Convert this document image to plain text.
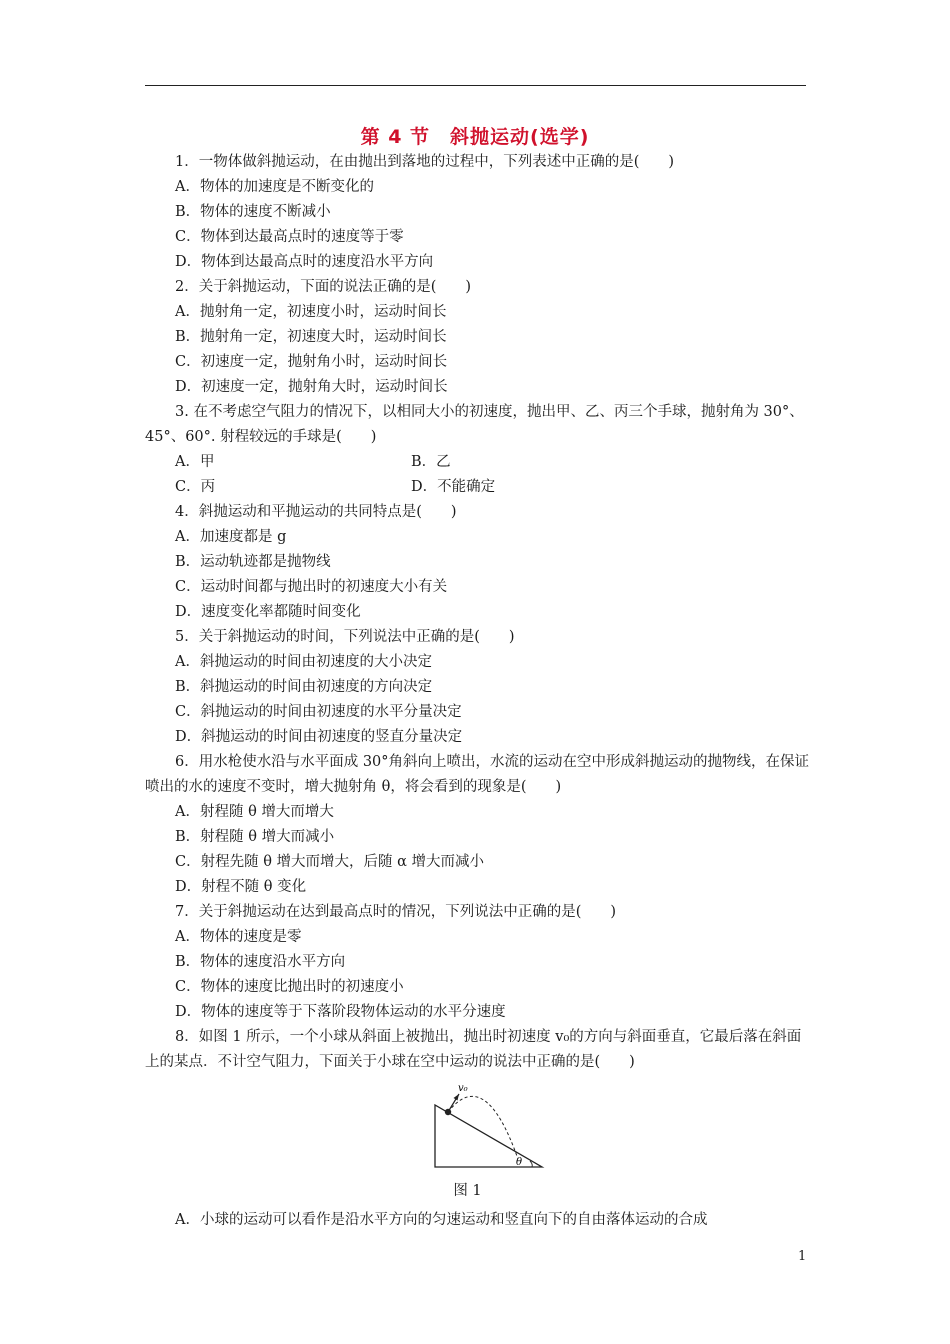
第 4 节　斜抛运动(选学)
1．一物体做斜抛运动，在由抛出到落地的过程中，下列表述中正确的是(　　)
A．物体的加速度是不断变化的
B．物体的速度不断减小
C．物体到达最高点时的速度等于零
D．物体到达最高点时的速度沿水平方向
2．关于斜抛运动，下面的说法正确的是(　　)
A．抛射角一定，初速度小时，运动时间长
B．抛射角一定，初速度大时，运动时间长
C．初速度一定，抛射角小时，运动时间长
D．初速度一定，抛射角大时，运动时间长
3. 在不考虑空气阻力的情况下，以相同大小的初速度，抛出甲、乙、丙三个手球，抛射角为 30°、45°、60°. 射程较远的手球是(　　)
A．甲	B．乙
C．丙	D．不能确定
4．斜抛运动和平抛运动的共同特点是(　　)
A．加速度都是 g
B．运动轨迹都是抛物线
C．运动时间都与抛出时的初速度大小有关
D．速度变化率都随时间变化
5．关于斜抛运动的时间，下列说法中正确的是(　　)
A．斜抛运动的时间由初速度的大小决定
B．斜抛运动的时间由初速度的方向决定
C．斜抛运动的时间由初速度的水平分量决定
D．斜抛运动的时间由初速度的竖直分量决定
6．用水枪使水沿与水平面成 30°角斜向上喷出，水流的运动在空中形成斜抛运动的抛物线，在保证喷出的水的速度不变时，增大抛射角 θ，将会看到的现象是(　　)
A．射程随 θ 增大而增大
B．射程随 θ 增大而减小
C．射程先随 θ 增大而增大，后随 α 增大而减小
D．射程不随 θ 变化
7．关于斜抛运动在达到最高点时的情况，下列说法中正确的是(　　)
A．物体的速度是零
B．物体的速度沿水平方向
C．物体的速度比抛出时的初速度小
D．物体的速度等于下落阶段物体运动的水平分速度
8．如图 1 所示，一个小球从斜面上被抛出，抛出时初速度 v₀的方向与斜面垂直，它最后落在斜面上的某点．不计空气阻力，下面关于小球在空中运动的说法中正确的是(　　)
v₀
θ
图 1
A．小球的运动可以看作是沿水平方向的匀速运动和竖直向下的自由落体运动的合成
1
